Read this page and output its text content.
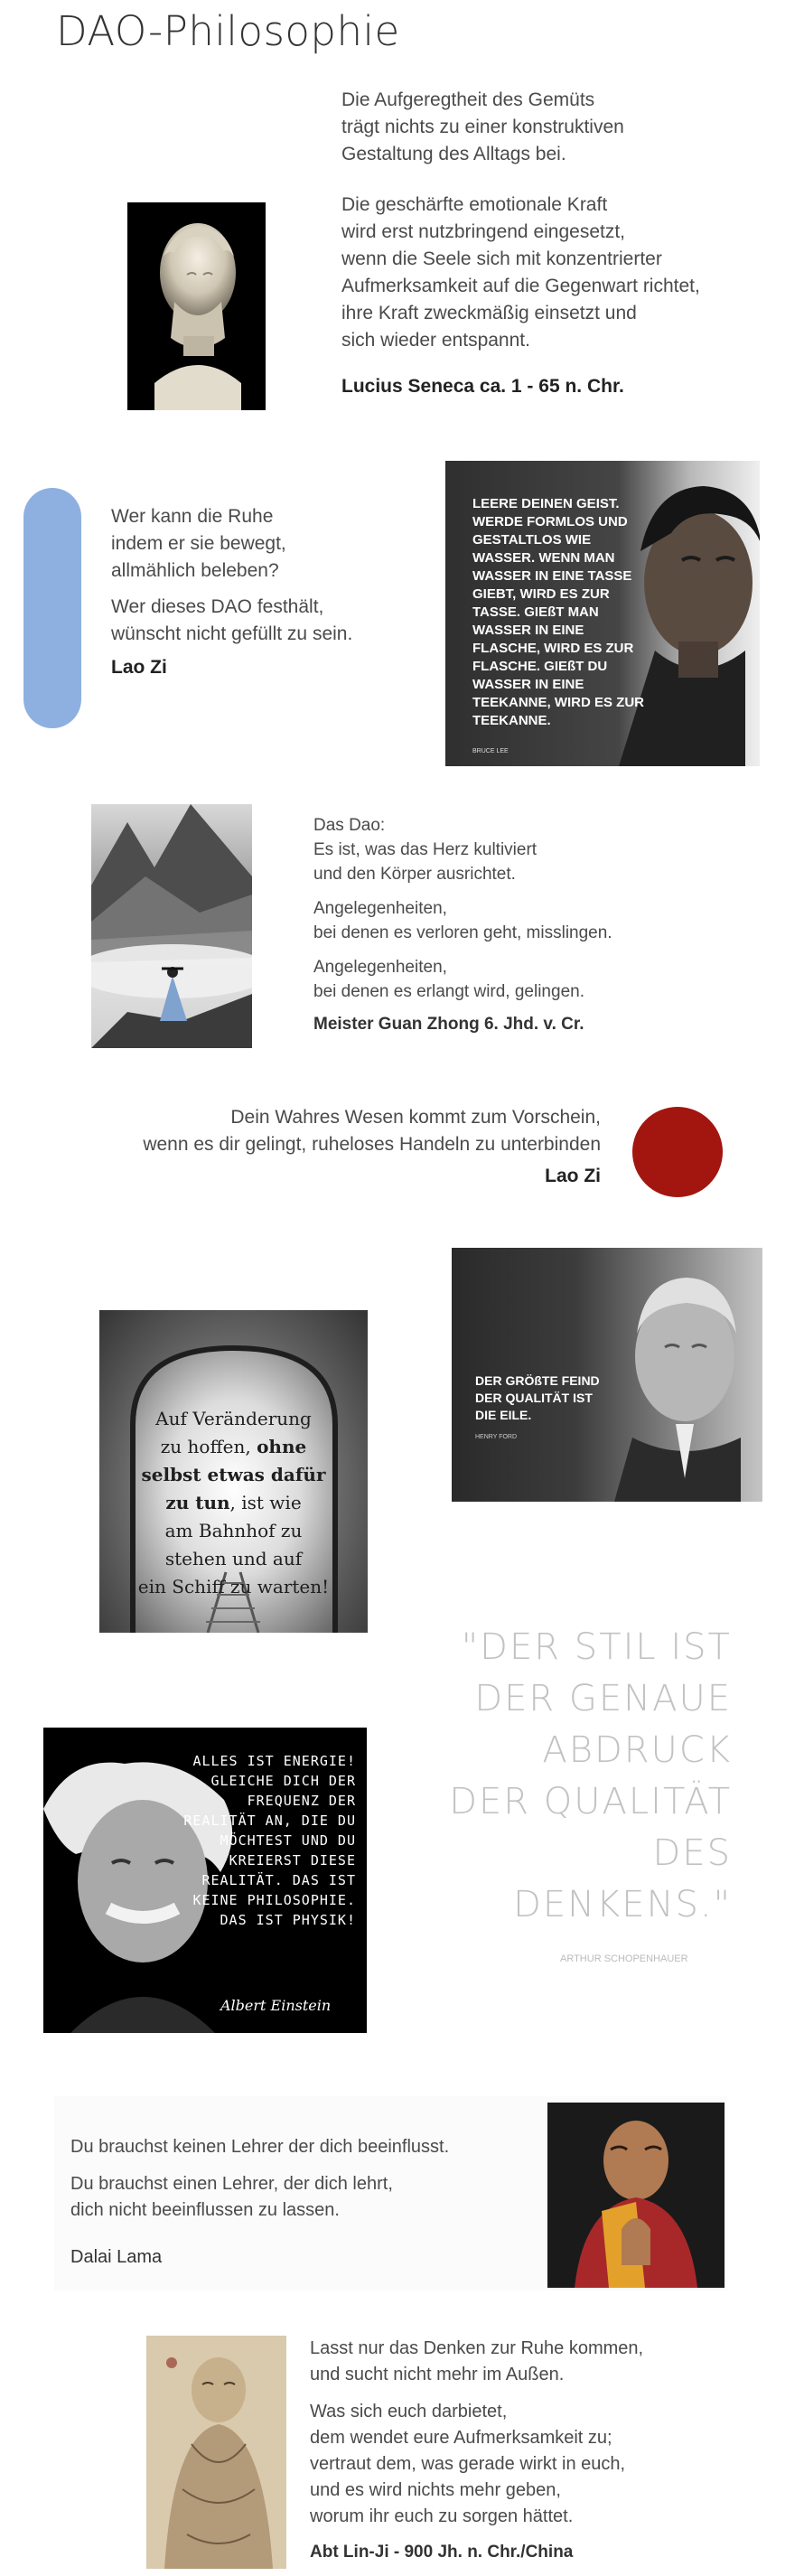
DAO-Philosophie

Die Aufgeregtheit des Gemüts
trägt nichts zu einer konstruktiven
Gestaltung des Alltags bei.

Die geschärfte emotionale Kraft
wird erst nutzbringend eingesetzt,
wenn die Seele sich mit konzentrierter
Aufmerksamkeit auf die Gegenwart richtet,
ihre Kraft zweckmäßig einsetzt und
sich wieder entspannt.

Lucius Seneca ca. 1 - 65 n. Chr.

Wer kann die Ruhe
indem er sie bewegt,
allmählich beleben?

Wer dieses DAO festhält,
wünscht nicht gefüllt zu sein.

Lao Zi
LEERE DEINEN GEIST. WERDE FORMLOS UND GESTALTLOS WIE WASSER. WENN MAN WASSER IN EINE TASSE GIEBT, WIRD ES ZUR TASSE. GIEßT MAN WASSER IN EINE FLASCHE, WIRD ES ZUR FLASCHE. GIEßT DU WASSER IN EINE TEEKANNE, WIRD ES ZUR TEEKANNE.
BRUCE LEE

Das Dao:
Es ist, was das Herz kultiviert
und den Körper ausrichtet.

Angelegenheiten,
bei denen es verloren geht, misslingen.

Angelegenheiten,
bei denen es erlangt wird, gelingen.

Meister Guan Zhong 6. Jhd. v. Cr.

Dein Wahres Wesen kommt zum Vorschein,
wenn es dir gelingt, ruheloses Handeln zu unterbinden

Lao Zi
Auf Veränderung
zu hoffen, ohne
selbst etwas dafür
zu tun, ist wie
am Bahnhof zu
stehen und auf
ein Schiff zu warten!
DER GRÖßTE FEIND
DER QUALITÄT IST
DIE EILE.
HENRY FORD
"DER STIL IST
DER GENAUE
ABDRUCK
DER QUALITÄT
DES DENKENS."
ARTHUR SCHOPENHAUER
ALLES IST ENERGIE!
GLEICHE DICH DER
FREQUENZ DER
REALITÄT AN, DIE DU
MÖCHTEST UND DU
KREIERST DIESE
REALITÄT. DAS IST
KEINE PHILOSOPHIE.
DAS IST PHYSIK!
Albert Einstein

Du brauchst keinen Lehrer der dich beeinflusst.

Du brauchst einen Lehrer, der dich lehrt,
dich nicht beeinflussen zu lassen.

Dalai Lama

Lasst nur das Denken zur Ruhe kommen,
und sucht nicht mehr im Außen.

Was sich euch darbietet,
dem wendet eure Aufmerksamkeit zu;
vertraut dem, was gerade wirkt in euch,
und es wird nichts mehr geben,
worum ihr euch zu sorgen hättet.

Abt Lin-Ji - 900 Jh. n. Chr./China
